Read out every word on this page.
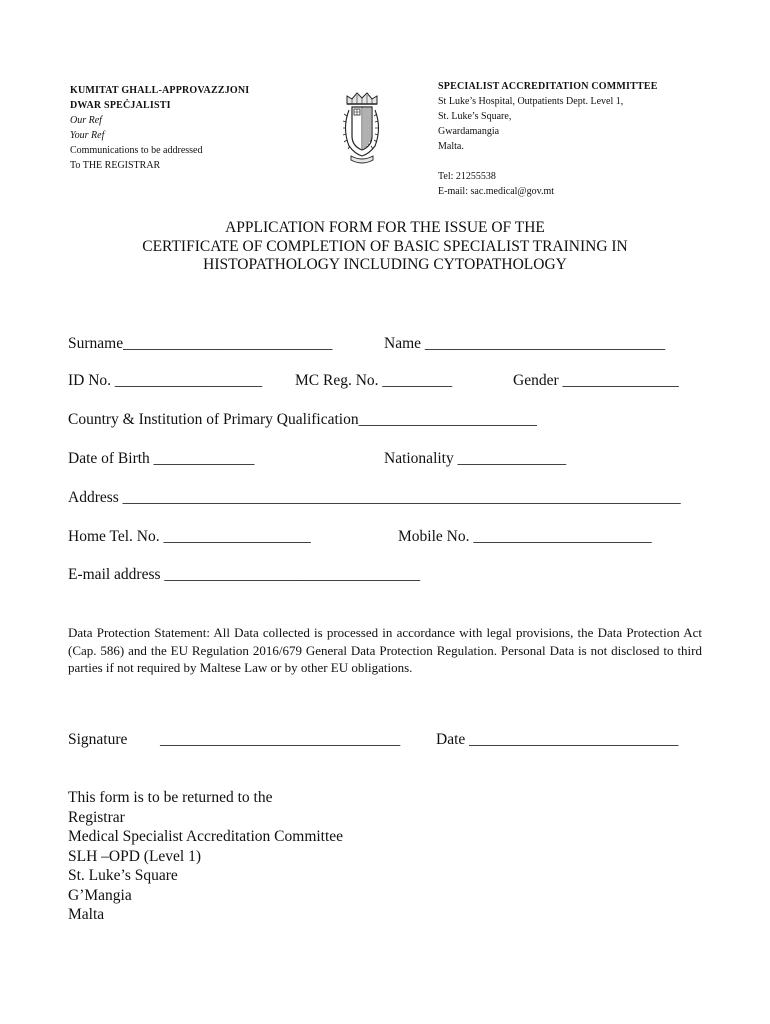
KUMITAT GHALL-APPROVAZZJONI
DWAR SPEĊJALISTI
Our Ref
Your Ref
Communications to be addressed
To THE REGISTRAR
SPECIALIST ACCREDITATION COMMITTEE
St Luke’s Hospital, Outpatients Dept. Level 1,
St. Luke’s Square,
Gwardamangia
Malta.
Tel: 21255538
E-mail: sac.medical@gov.mt
APPLICATION FORM FOR THE ISSUE OF THE
CERTIFICATE OF COMPLETION OF BASIC SPECIALIST TRAINING IN
HISTOPATHOLOGY INCLUDING CYTOPATHOLOGY
Surname___________________________	Name _______________________________
ID No. ___________________ MC Reg. No. _________	Gender _______________
Country & Institution of Primary Qualification_______________________
Date of Birth _____________	Nationality ______________
Address ________________________________________________________________________
Home Tel. No. ___________________	Mobile No. _______________________
E-mail address _________________________________
Data Protection Statement: All Data collected is processed in accordance with legal provisions, the Data Protection Act (Cap. 586) and the EU Regulation 2016/679 General Data Protection Regulation. Personal Data is not disclosed to third parties if not required by Maltese Law or by other EU obligations.
Signature _______________________________ Date ___________________________
This form is to be returned to the
Registrar
Medical Specialist Accreditation Committee
SLH –OPD (Level 1)
St. Luke’s Square
G’Mangia
Malta
